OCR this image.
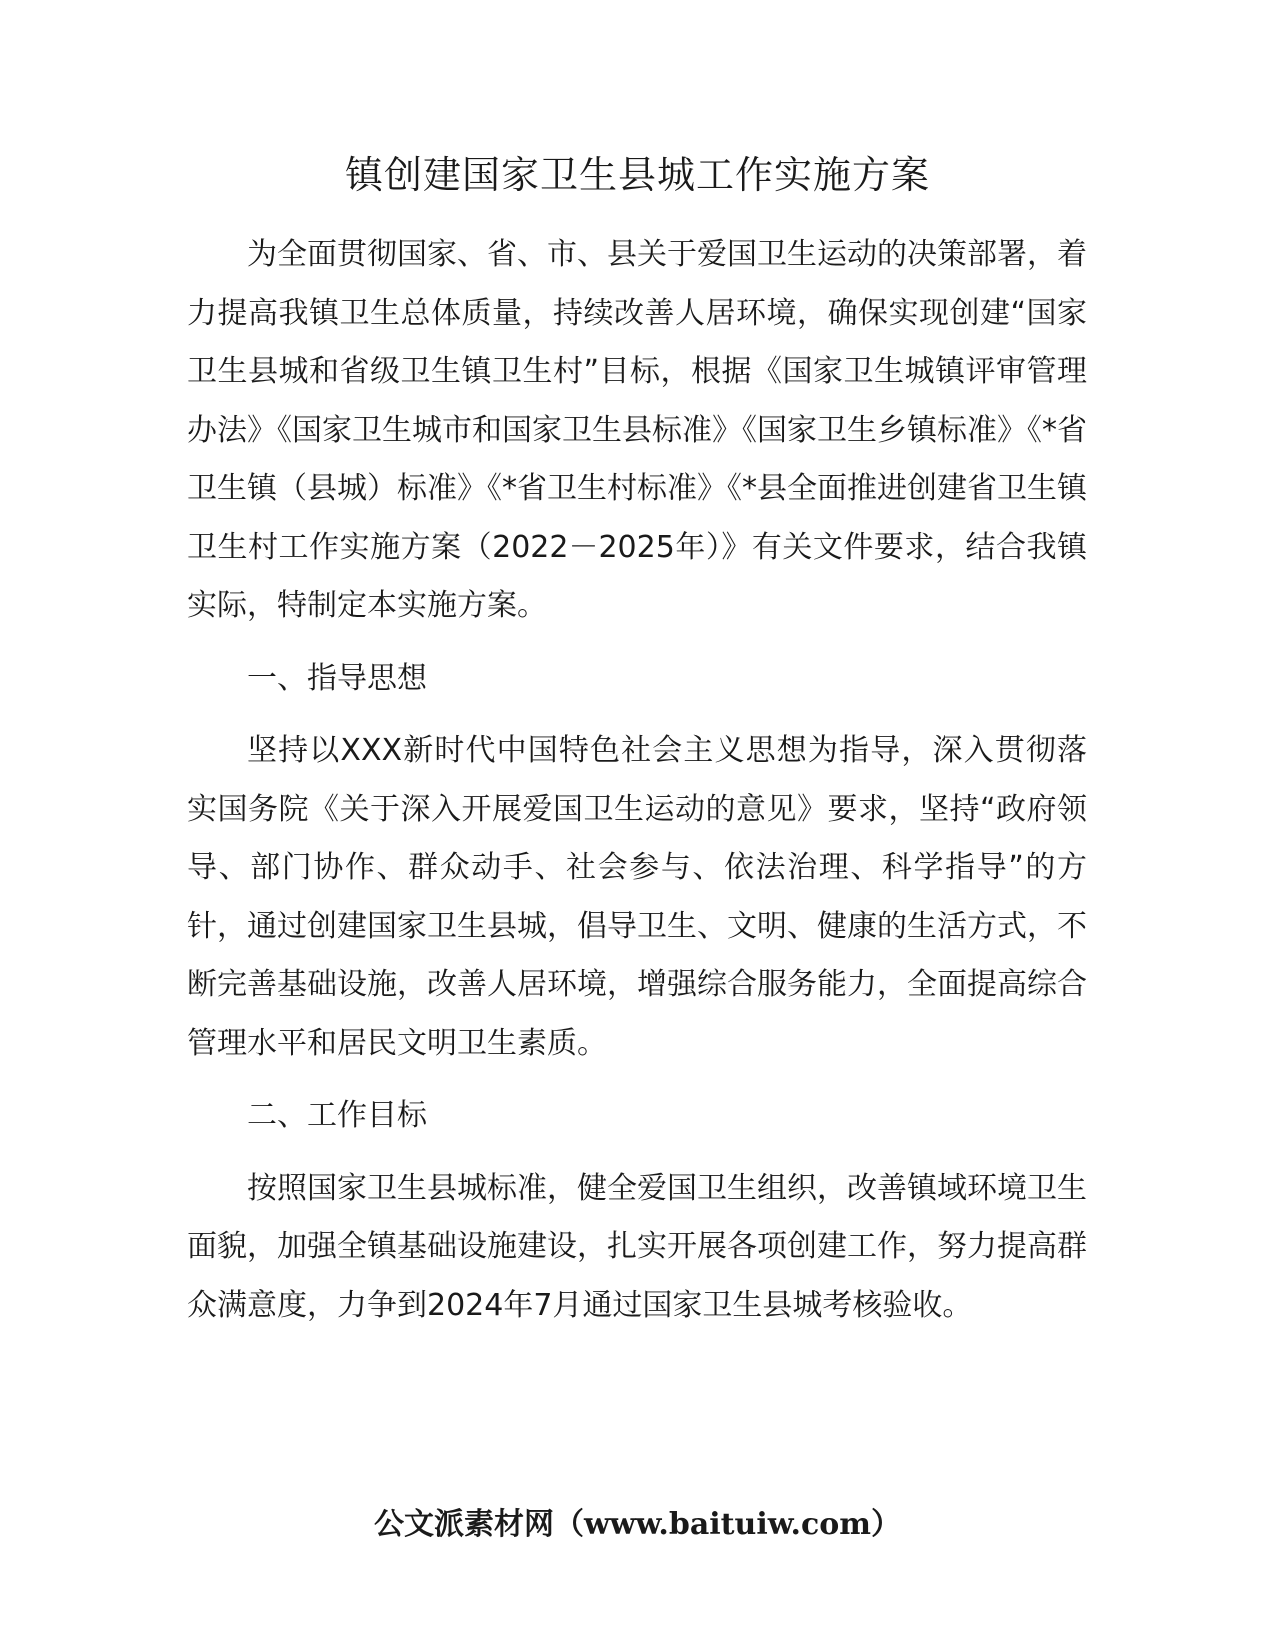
镇创建国家卫生县城工作实施方案

为全面贯彻国家、省、市、县关于爱国卫生运动的决策部署，着力提高我镇卫生总体质量，持续改善人居环境，确保实现创建“国家卫生县城和省级卫生镇卫生村”目标，根据《国家卫生城镇评审管理办法》《国家卫生城市和国家卫生县标准》《国家卫生乡镇标准》《*省卫生镇（县城）标准》《*省卫生村标准》《*县全面推进创建省卫生镇卫生村工作实施方案（2022－2025年）》有关文件要求，结合我镇实际，特制定本实施方案。

一、指导思想

坚持以XXX新时代中国特色社会主义思想为指导，深入贯彻落实国务院《关于深入开展爱国卫生运动的意见》要求，坚持“政府领导、部门协作、群众动手、社会参与、依法治理、科学指导”的方针，通过创建国家卫生县城，倡导卫生、文明、健康的生活方式，不断完善基础设施，改善人居环境，增强综合服务能力，全面提高综合管理水平和居民文明卫生素质。

二、工作目标

按照国家卫生县城标准，健全爱国卫生组织，改善镇域环境卫生面貌，加强全镇基础设施建设，扎实开展各项创建工作，努力提高群众满意度，力争到2024年7月通过国家卫生县城考核验收。

公文派素材网（www.baituiw.com）
